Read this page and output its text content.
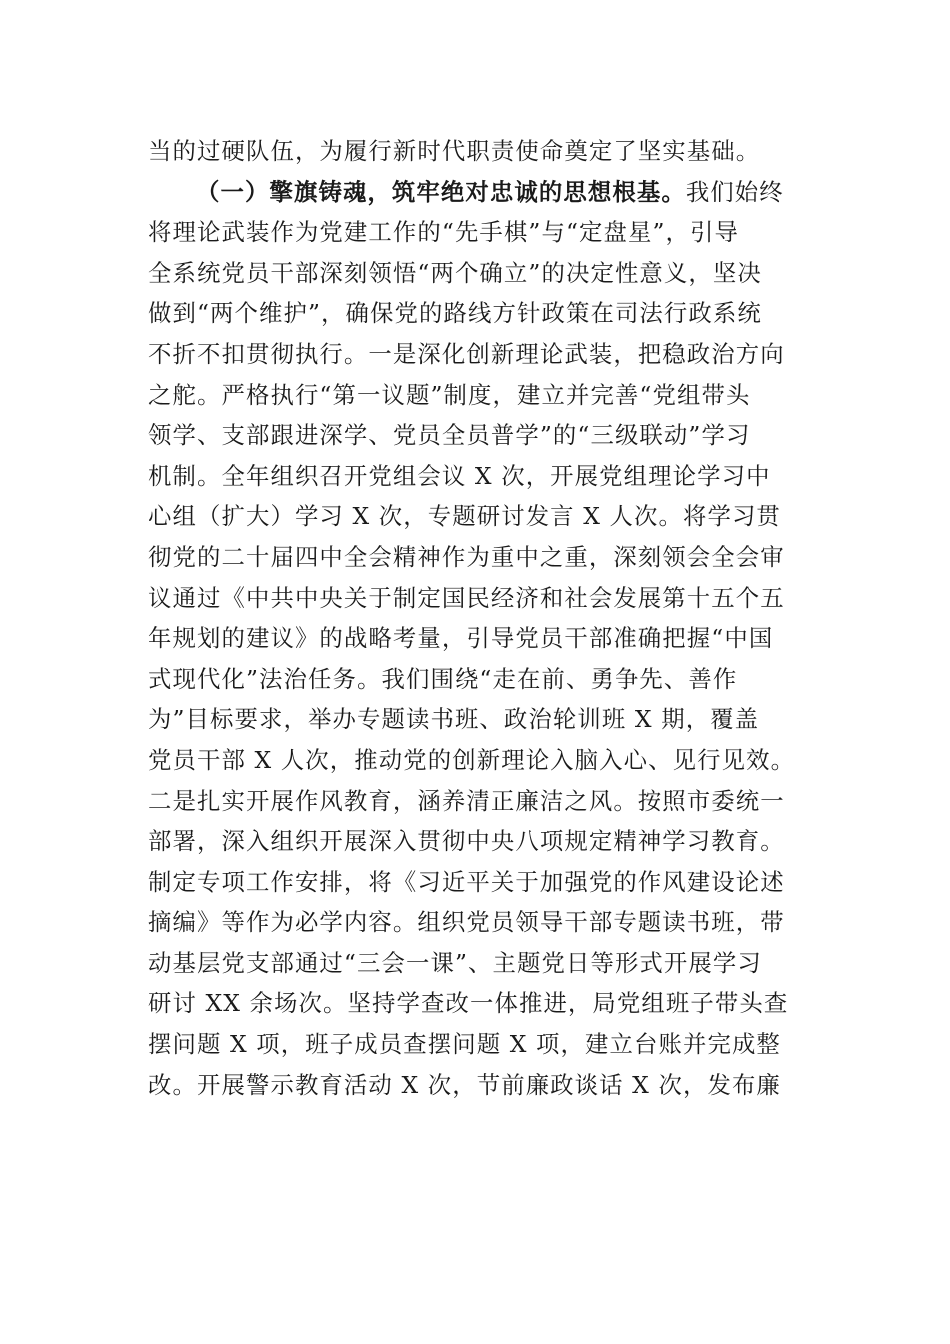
当的过硬队伍，为履行新时代职责使命奠定了坚实基础。
（一）擎旗铸魂，筑牢绝对忠诚的思想根基。我们始终
将理论武装作为党建工作的“先手棋”与“定盘星”，引导
全系统党员干部深刻领悟“两个确立”的决定性意义，坚决
做到“两个维护”，确保党的路线方针政策在司法行政系统
不折不扣贯彻执行。一是深化创新理论武装，把稳政治方向
之舵。严格执行“第一议题”制度，建立并完善“党组带头
领学、支部跟进深学、党员全员普学”的“三级联动”学习
机制。全年组织召开党组会议 X 次，开展党组理论学习中
心组（扩大）学习 X 次，专题研讨发言 X 人次。将学习贯
彻党的二十届四中全会精神作为重中之重，深刻领会全会审
议通过《中共中央关于制定国民经济和社会发展第十五个五
年规划的建议》的战略考量，引导党员干部准确把握“中国
式现代化”法治任务。我们围绕“走在前、勇争先、善作
为”目标要求，举办专题读书班、政治轮训班 X 期，覆盖
党员干部 X 人次，推动党的创新理论入脑入心、见行见效。
二是扎实开展作风教育，涵养清正廉洁之风。按照市委统一
部署，深入组织开展深入贯彻中央八项规定精神学习教育。
制定专项工作安排，将《习近平关于加强党的作风建设论述
摘编》等作为必学内容。组织党员领导干部专题读书班，带
动基层党支部通过“三会一课”、主题党日等形式开展学习
研讨 XX 余场次。坚持学查改一体推进，局党组班子带头查
摆问题 X 项，班子成员查摆问题 X 项，建立台账并完成整
改。开展警示教育活动 X 次，节前廉政谈话 X 次，发布廉
